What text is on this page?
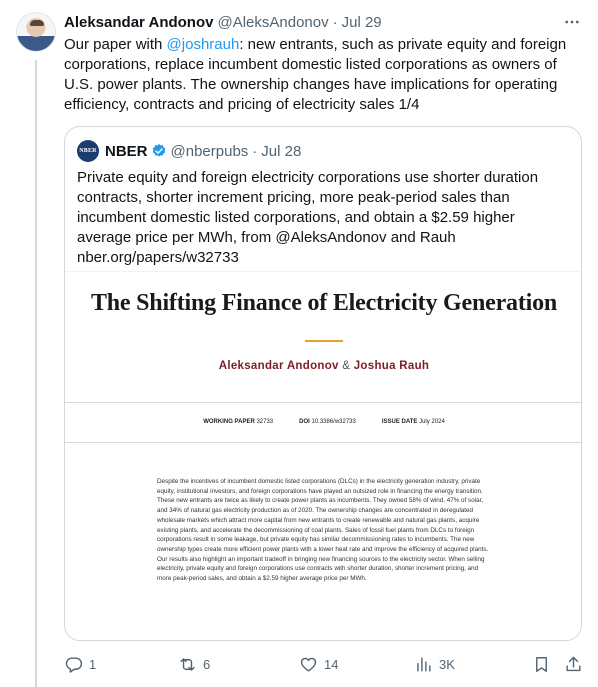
Aleksandar Andonov @AleksAndonov · Jul 29
Our paper with @joshrauh: new entrants, such as private equity and foreign corporations, replace incumbent domestic listed corporations as owners of U.S. power plants. The ownership changes have implications for operating efficiency, contracts and pricing of electricity sales 1/4
NBER NBER @nberpubs · Jul 28
Private equity and foreign electricity corporations use shorter duration contracts, shorter increment pricing, more peak-period sales than incumbent domestic listed corporations, and obtain a $2.59 higher average price per MWh, from @AleksAndonov and Rauh nber.org/papers/w32733
The Shifting Finance of Electricity Generation
Aleksandar Andonov & Joshua Rauh
WORKING PAPER 32733	DOI 10.3386/w32733	ISSUE DATE July 2024
Despite the incentives of incumbent domestic listed corporations (DLCs) in the electricity generation industry, private equity, institutional investors, and foreign corporations have played an outsized role in financing the energy transition. These new entrants are twice as likely to create power plants as incumbents. They owned 58% of wind, 47% of solar, and 34% of natural gas electricity production as of 2020. The ownership changes are concentrated in deregulated wholesale markets which attract more capital from new entrants to create renewable and natural gas plants, acquire existing plants, and accelerate the decommissioning of coal plants. Sales of fossil fuel plants from DLCs to foreign corporations result in some leakage, but private equity has similar decommissioning rates to incumbents. The new ownership types create more efficient power plants with a lower heat rate and improve the efficiency of acquired plants. Our results also highlight an important tradeoff in bringing new financing sources to the electricity sector. When selling electricity, private equity and foreign corporations use contracts with shorter duration, shorter increment pricing, and more peak-period sales, and obtain a $2.59 higher average price per MWh.
1	6	14	3K
